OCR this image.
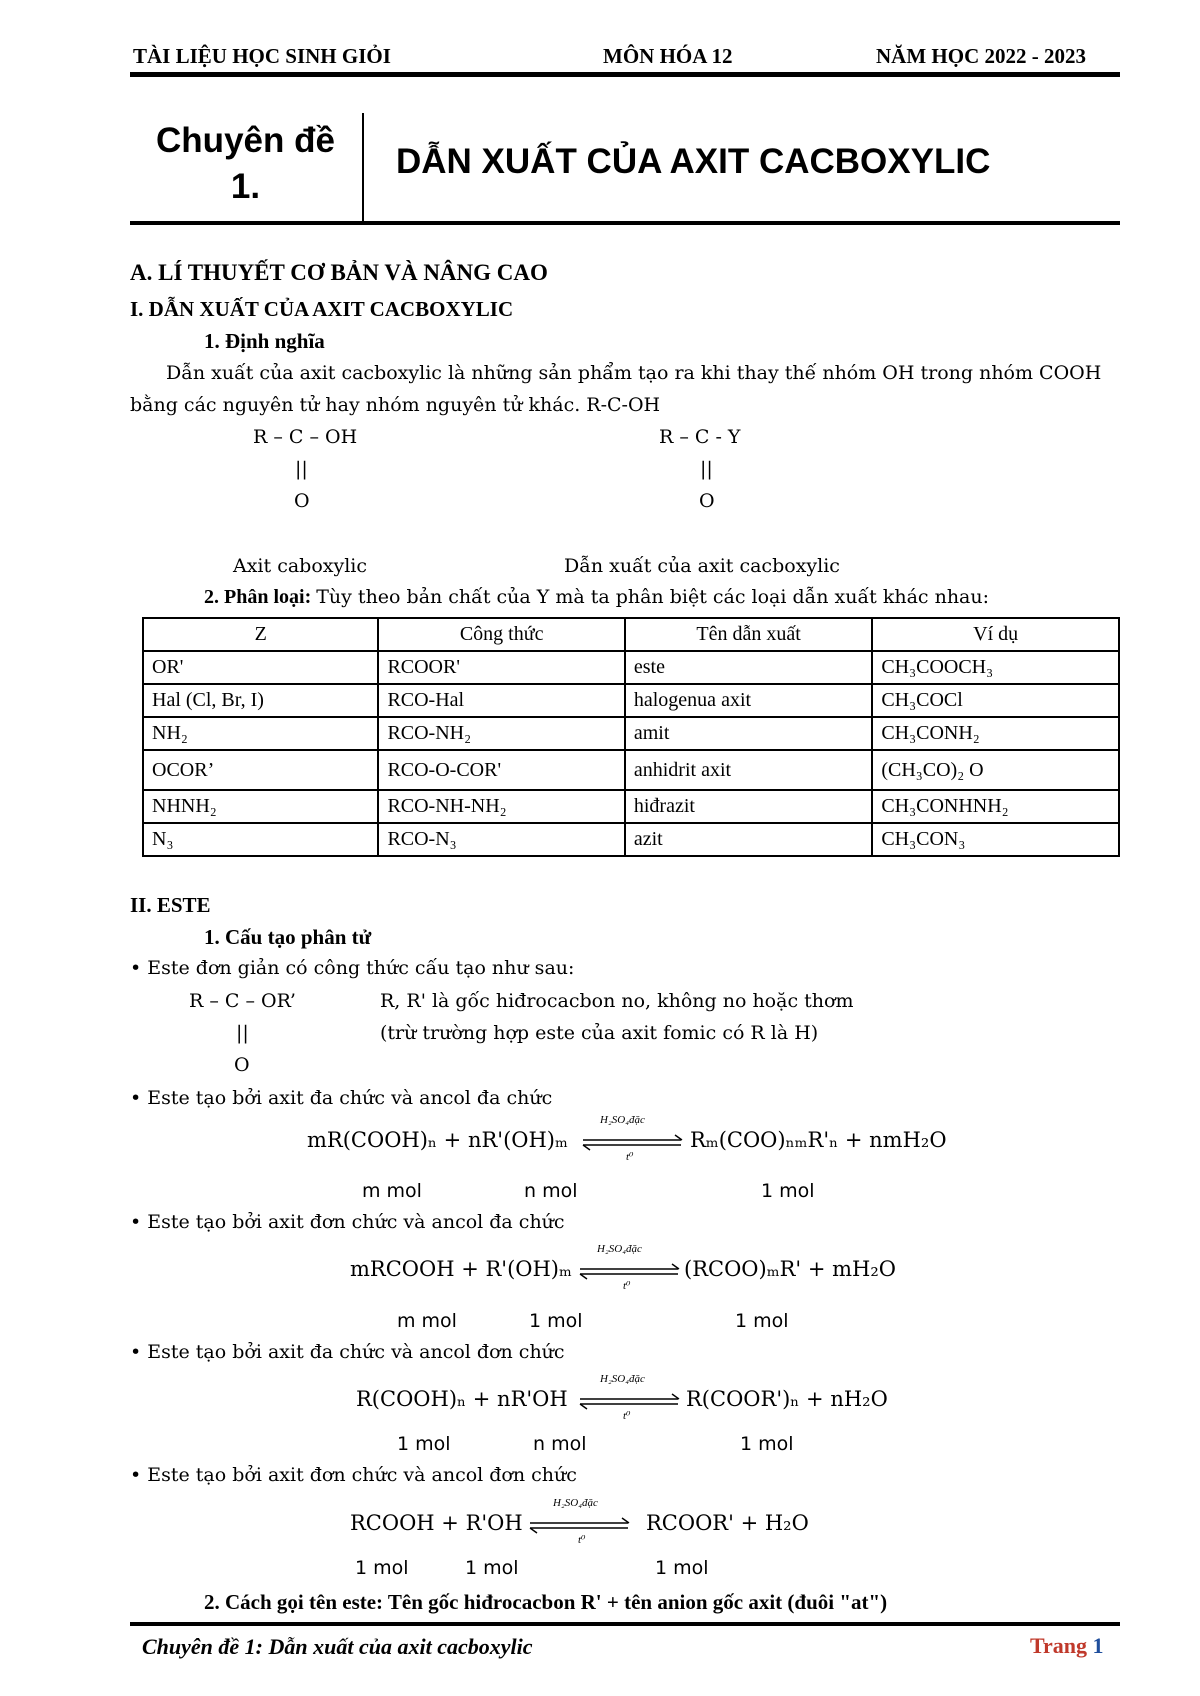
TÀI LIỆU HỌC SINH GIỎI	MÔN HÓA 12	NĂM HỌC 2022 - 2023
Chuyên đề
1.
DẪN XUẤT CỦA AXIT CACBOXYLIC
A. LÍ THUYẾT CƠ BẢN VÀ NÂNG CAO
I. DẪN XUẤT CỦA AXIT CACBOXYLIC
1. Định nghĩa
Dẫn xuất của axit cacboxylic là những sản phẩm tạo ra khi thay thế nhóm OH trong nhóm COOH
bằng các nguyên tử hay nhóm nguyên tử khác. R-C-OH
R – C – OH
||
O
R – C - Y
||
O
Axit caboxylic	Dẫn xuất của axit cacboxylic
2. Phân loại: Tùy theo bản chất của Y mà ta phân biệt các loại dẫn xuất khác nhau:
Z	Công thức	Tên dẫn xuất	Ví dụ
OR'	RCOOR'	este	CH₃COOCH₃
Hal (Cl, Br, I)	RCO-Hal	halogenua axit	CH₃COCl
NH₂	RCO-NH₂	amit	CH₃CONH₂
OCOR’	RCO-O-COR'	anhidrit axit	(CH₃CO)₂ O
NHNH₂	RCO-NH-NH₂	hiđrazit	CH₃CONHNH₂
N₃	RCO-N₃	azit	CH₃CON₃
II. ESTE
1. Cấu tạo phân tử
• Este đơn giản có công thức cấu tạo như sau:
R – C – OR’
||
O
R, R' là gốc hiđrocacbon no, không no hoặc thơm
(trừ trường hợp este của axit fomic có R là H)
• Este tạo bởi axit đa chức và ancol đa chức
mR(COOH)ₙ + nR'(OH)ₘ
H₂SO₄đặc
t⁰
Rₘ(COO)ₙₘR'ₙ + nmH₂O
m mol	n mol	1 mol
• Este tạo bởi axit đơn chức và ancol đa chức
mRCOOH + R'(OH)ₘ
H₂SO₄đặc
t⁰
(RCOO)ₘR' + mH₂O
m mol	1 mol	1 mol
• Este tạo bởi axit đa chức và ancol đơn chức
R(COOH)ₙ + nR'OH
H₂SO₄đặc
t⁰
R(COOR')ₙ + nH₂O
1 mol	n mol	1 mol
• Este tạo bởi axit đơn chức và ancol đơn chức
RCOOH + R'OH
H₂SO₄đặc
t⁰
RCOOR' + H₂O
1 mol	1 mol	1 mol
2. Cách gọi tên este: Tên gốc hiđrocacbon R' + tên anion gốc axit (đuôi "at")
Chuyên đề 1: Dẫn xuất của axit cacboxylic	Trang 1
